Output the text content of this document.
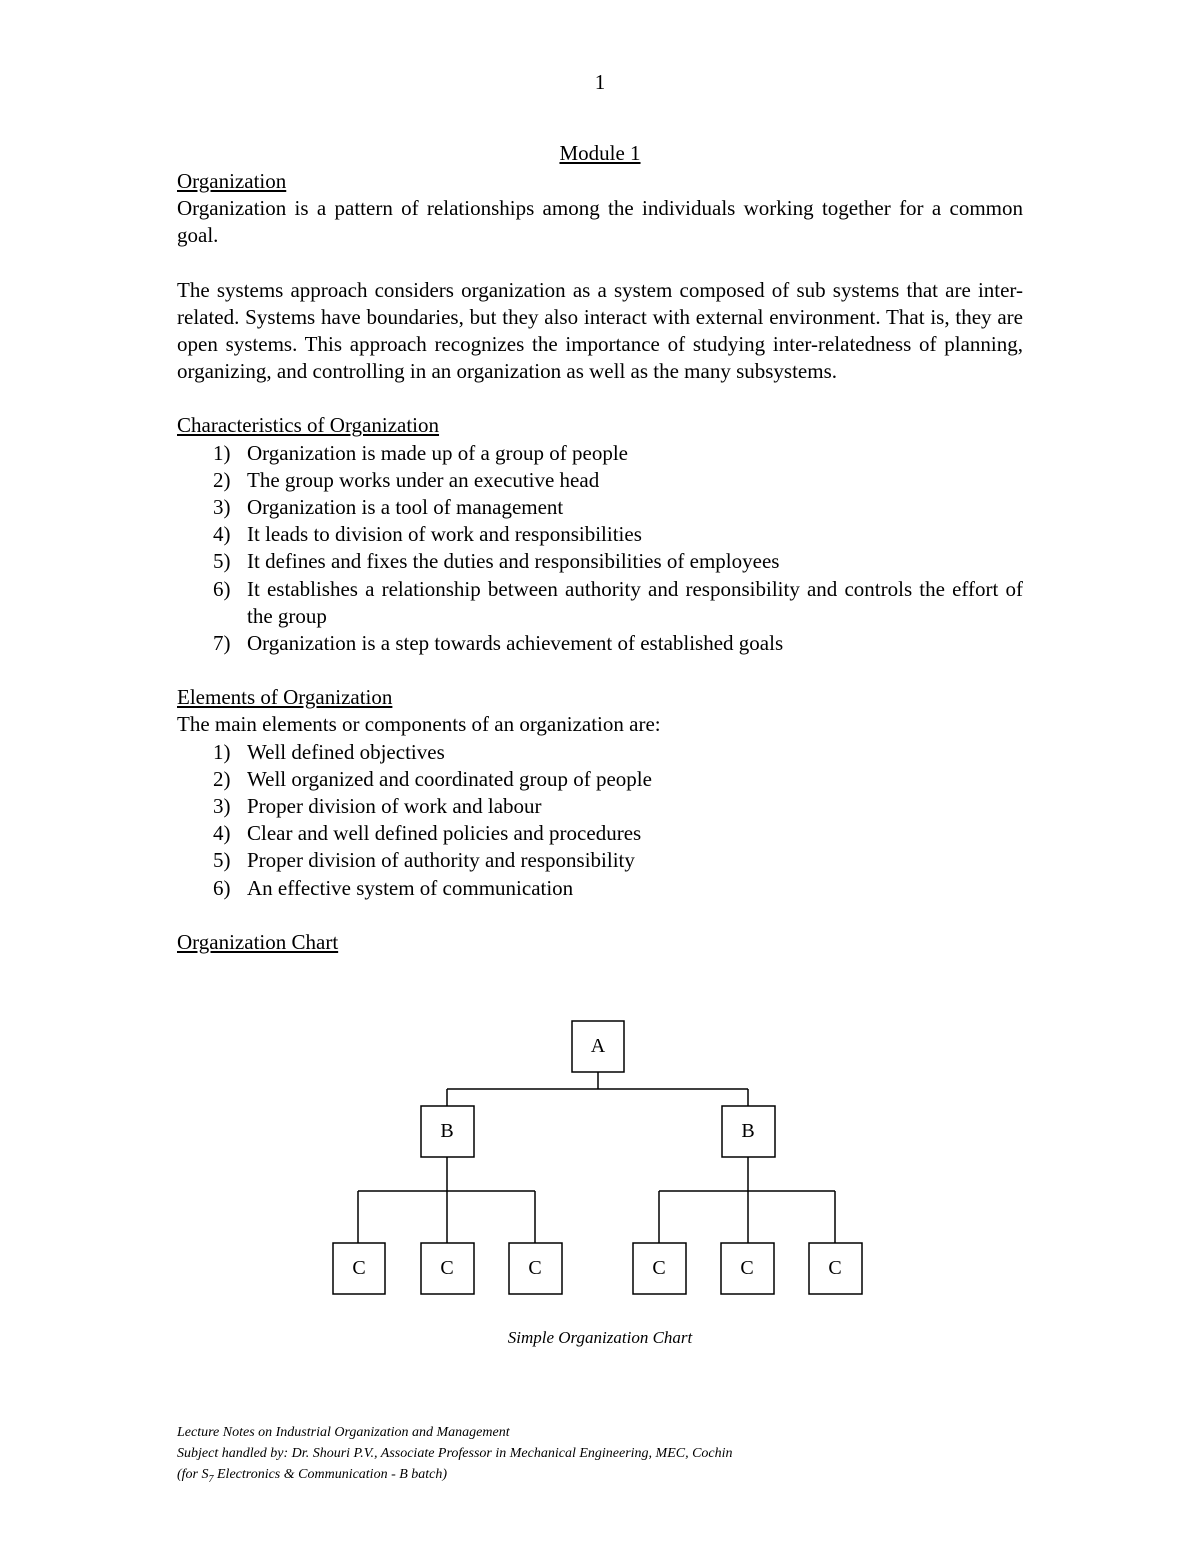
1
Module 1
Organization

Organization is a pattern of relationships among the individuals working together for a common goal.

The systems approach considers organization as a system composed of sub systems that are inter-related. Systems have boundaries, but they also interact with external environment. That is, they are open systems. This approach recognizes the importance of studying inter-relatedness of planning, organizing, and controlling in an organization as well as the many subsystems.

Characteristics of Organization
1) Organization is made up of a group of people
2) The group works under an executive head
3) Organization is a tool of management
4) It leads to division of work and responsibilities
5) It defines and fixes the duties and responsibilities of employees
6) It establishes a relationship between authority and responsibility and controls the effort of the group
7) Organization is a step towards achievement of established goals
Elements of Organization

The main elements or components of an organization are:

1) Well defined objectives
2) Well organized and coordinated group of people
3) Proper division of work and labour
4) Clear and well defined policies and procedures
5) Proper division of authority and responsibility
6) An effective system of communication
Organization Chart
A
B	B
C	C	C	C	C	C
Simple Organization Chart
Lecture Notes on Industrial Organization and Management
Subject handled by: Dr. Shouri P.V., Associate Professor in Mechanical Engineering, MEC, Cochin
(for $S_7$ Electronics & Communication - B batch)
